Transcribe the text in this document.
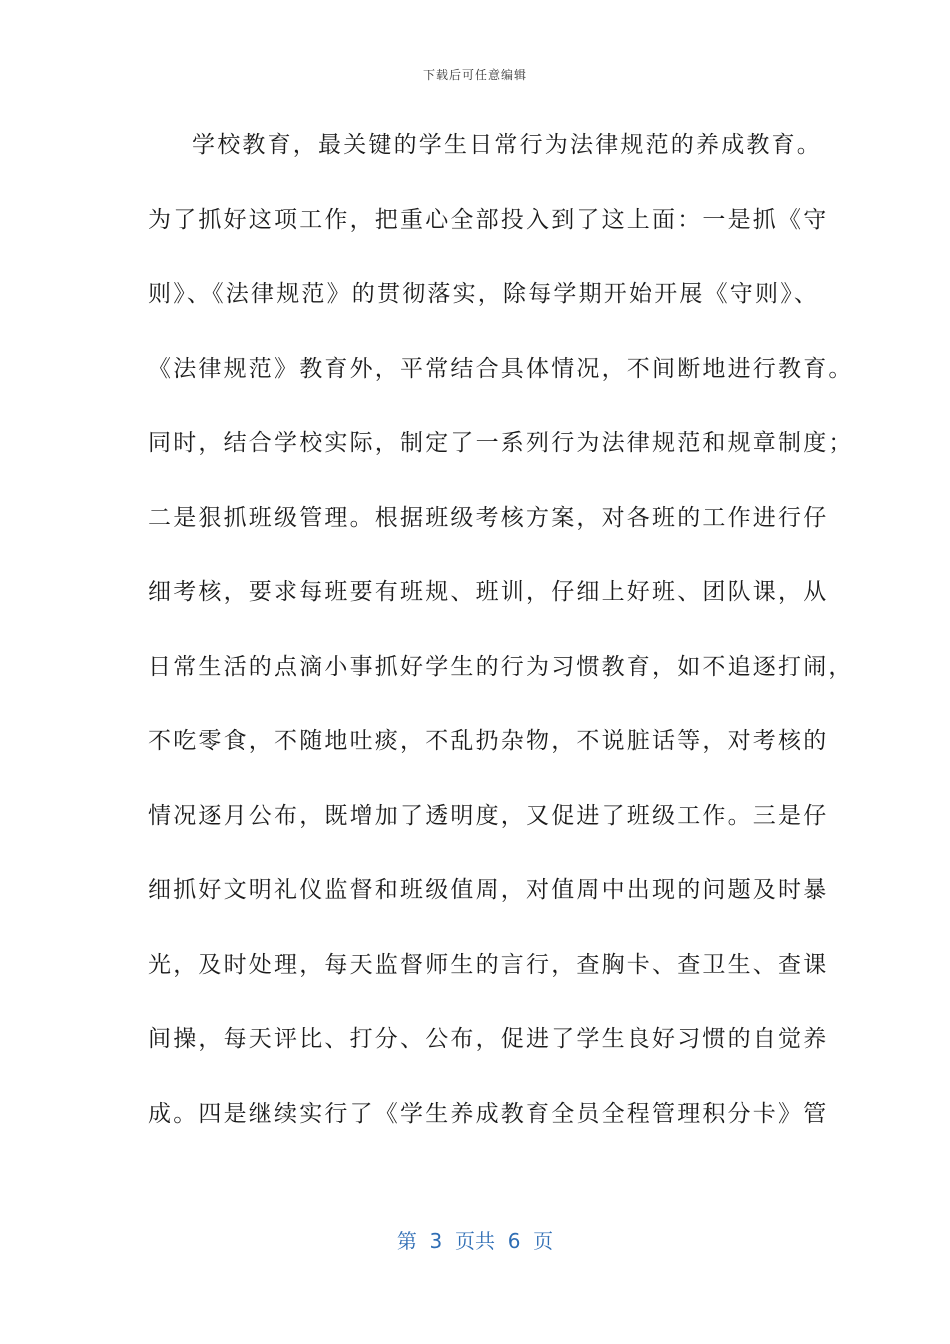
下载后可任意编辑
学校教育，最关键的学生日常行为法律规范的养成教育。
为了抓好这项工作，把重心全部投入到了这上面：一是抓《守
则》、《法律规范》的贯彻落实，除每学期开始开展《守则》、
《法律规范》教育外，平常结合具体情况，不间断地进行教育。
同时，结合学校实际，制定了一系列行为法律规范和规章制度；
二是狠抓班级管理。根据班级考核方案，对各班的工作进行仔
细考核，要求每班要有班规、班训，仔细上好班、团队课，从
日常生活的点滴小事抓好学生的行为习惯教育，如不追逐打闹，
不吃零食，不随地吐痰，不乱扔杂物，不说脏话等，对考核的
情况逐月公布，既增加了透明度，又促进了班级工作。三是仔
细抓好文明礼仪监督和班级值周，对值周中出现的问题及时暴
光，及时处理，每天监督师生的言行，查胸卡、查卫生、查课
间操，每天评比、打分、公布，促进了学生良好习惯的自觉养
成。四是继续实行了《学生养成教育全员全程管理积分卡》管
第  3  页共  6  页
